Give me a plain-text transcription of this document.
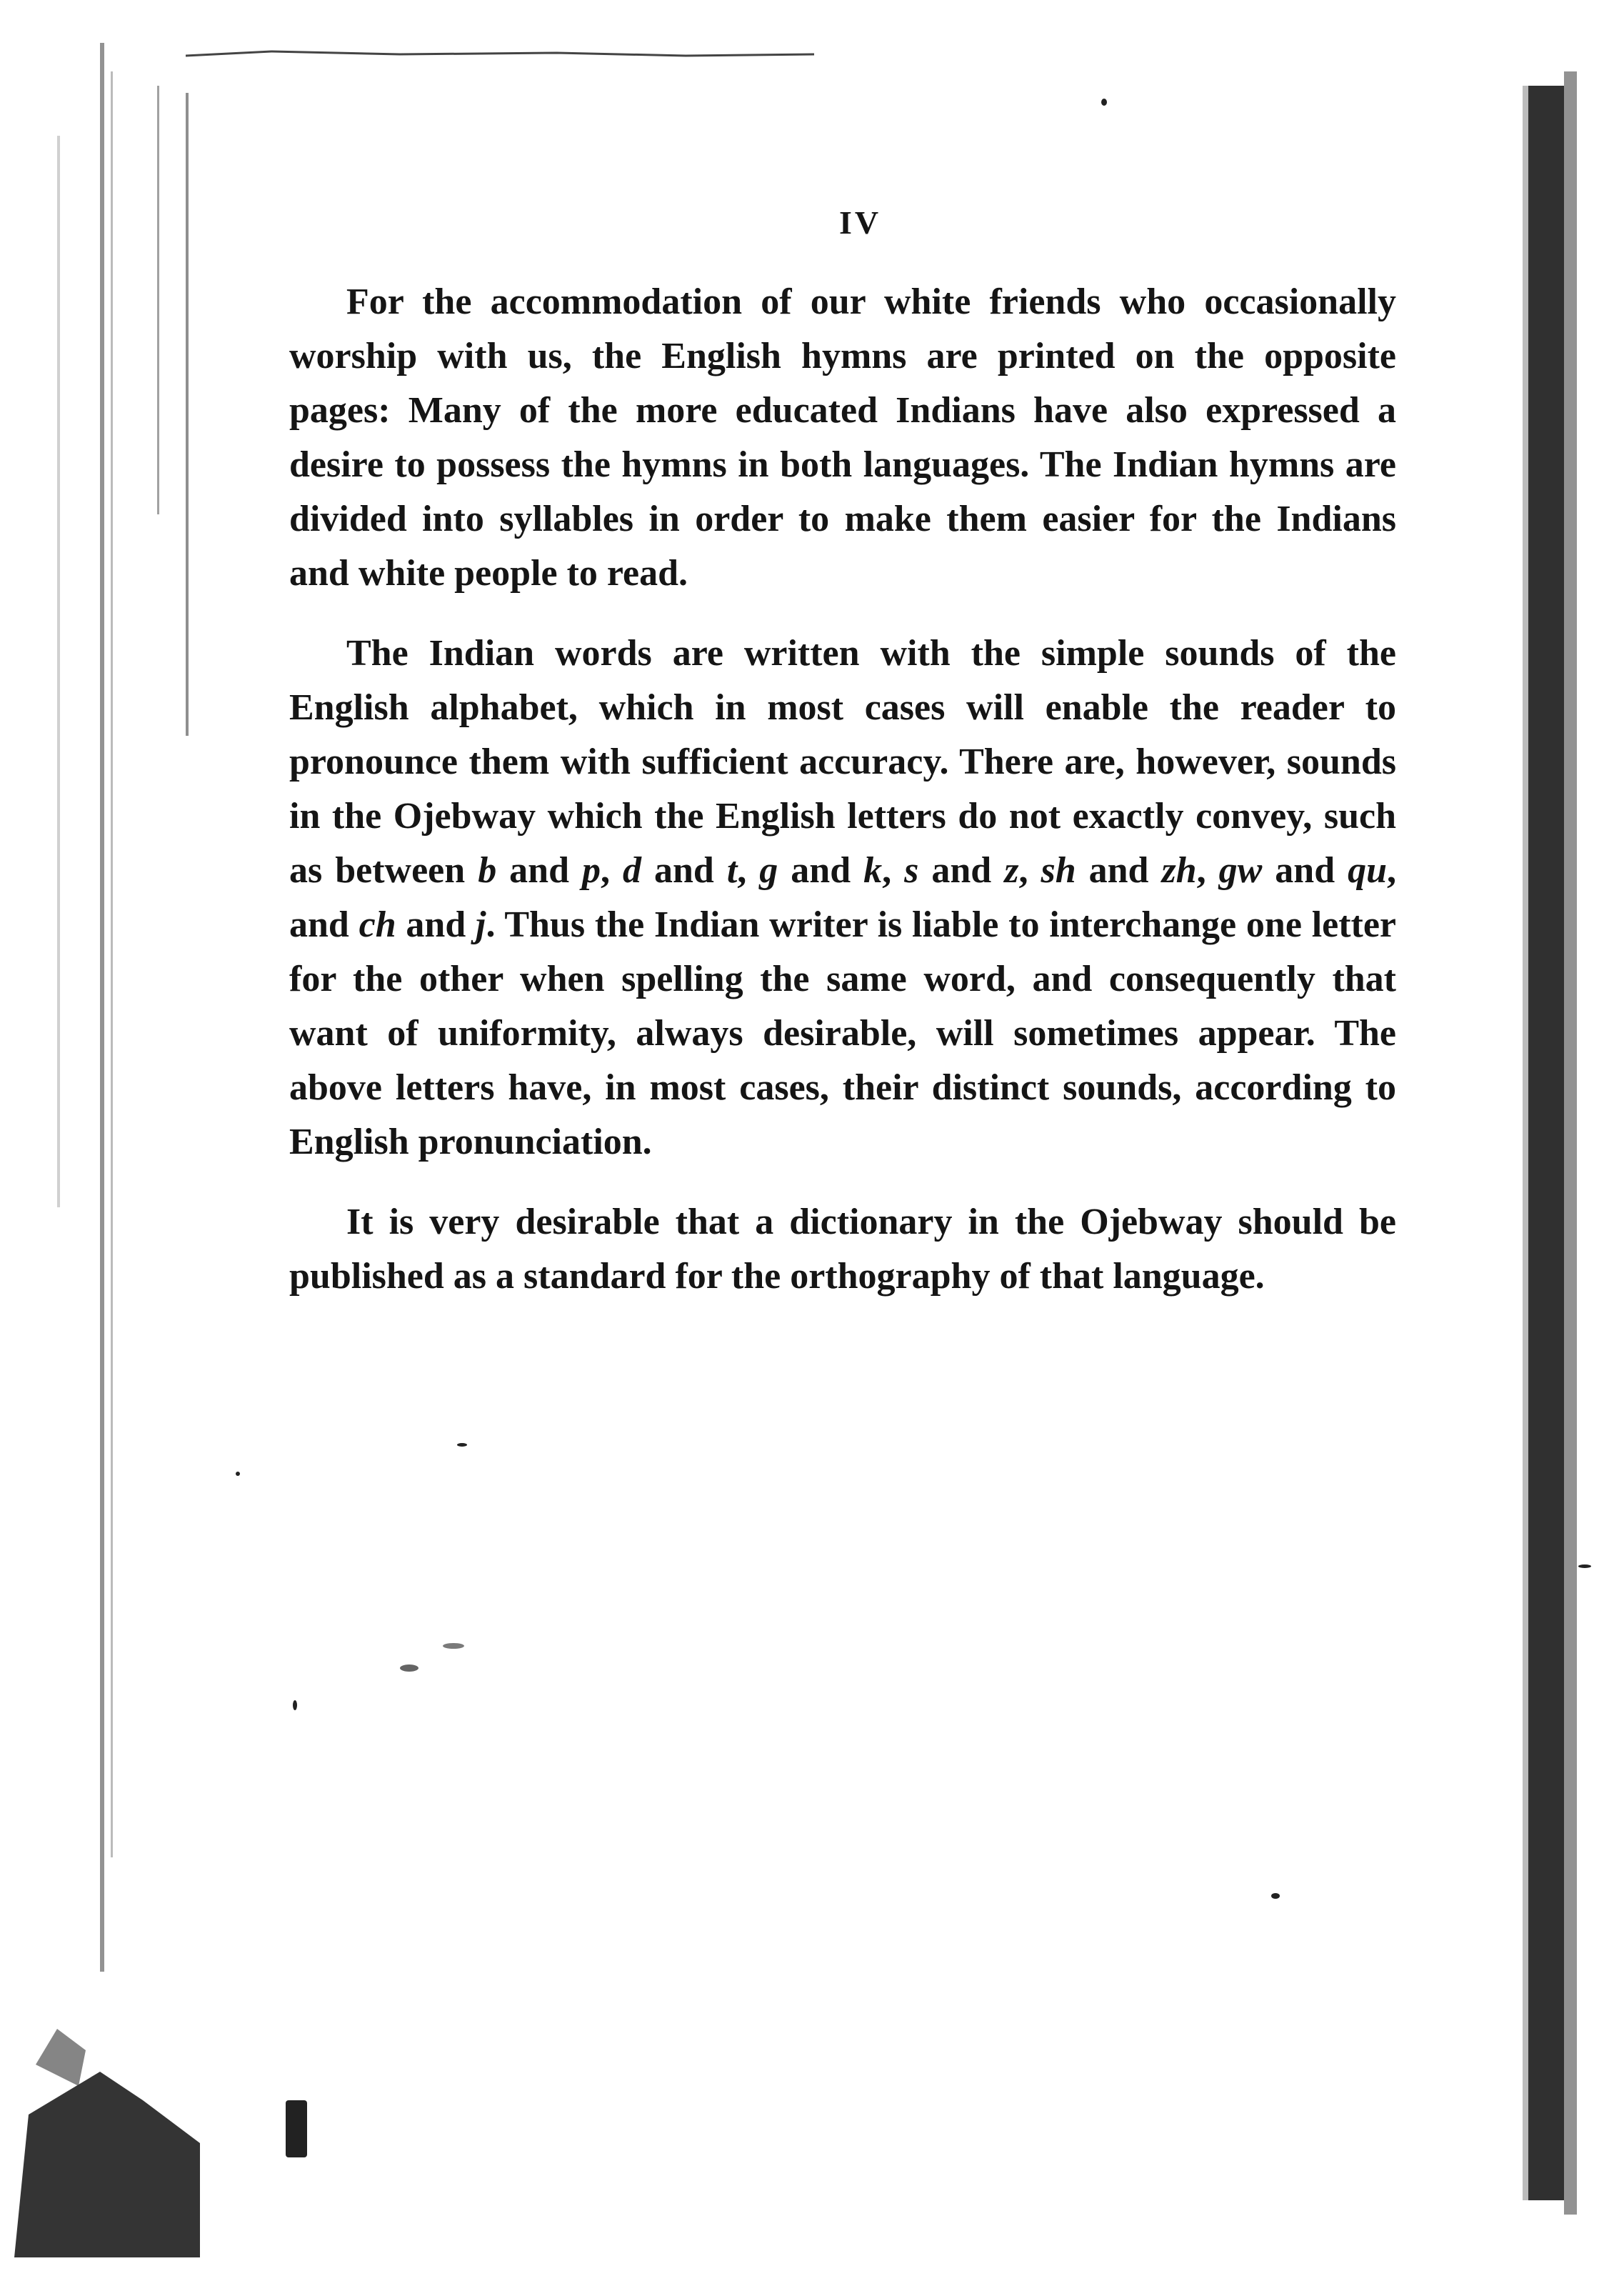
IV

For the accommodation of our white friends who occasionally worship with us, the English hymns are printed on the opposite pages: Many of the more educated Indians have also expressed a desire to possess the hymns in both languages. The Indian hymns are divided into syllables in order to make them easier for the Indians and white people to read.

The Indian words are written with the simple sounds of the English alphabet, which in most cases will enable the reader to pronounce them with sufficient accuracy. There are, however, sounds in the Ojebway which the English letters do not exactly convey, such as between b and p, d and t, g and k, s and z, sh and zh, gw and qu, and ch and j. Thus the Indian writer is liable to interchange one letter for the other when spelling the same word, and consequently that want of uniformity, always desirable, will sometimes appear. The above letters have, in most cases, their distinct sounds, according to English pronunciation.

It is very desirable that a dictionary in the Ojebway should be published as a standard for the orthography of that language.
